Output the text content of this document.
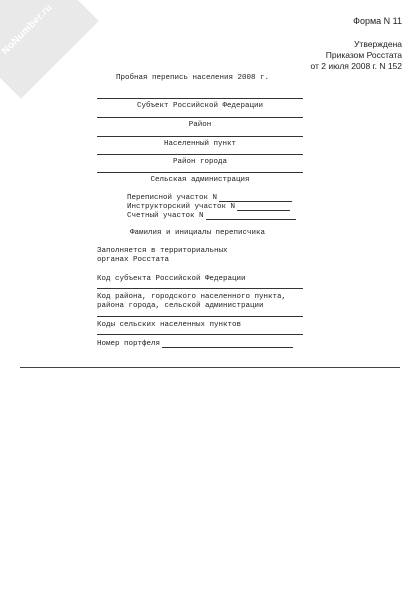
NoNumber.ru	Форма N 11
Утверждена
Приказом Росстата
от 2 июля 2008 г. N 152
Пробная перепись населения 2008 г.
Субъект Российской Федерации
Район
Населенный пункт
Район города
Сельская администрация
Переписной участок N
Инструкторский участок N
Счетный участок N
Фамилия и инициалы переписчика
Заполняется в территориальных
органах Росстата
Код субъекта Российской Федерации
Код района, городского населенного пункта,
района города, сельской администрации
Коды сельских населенных пунктов
Номер портфеля
